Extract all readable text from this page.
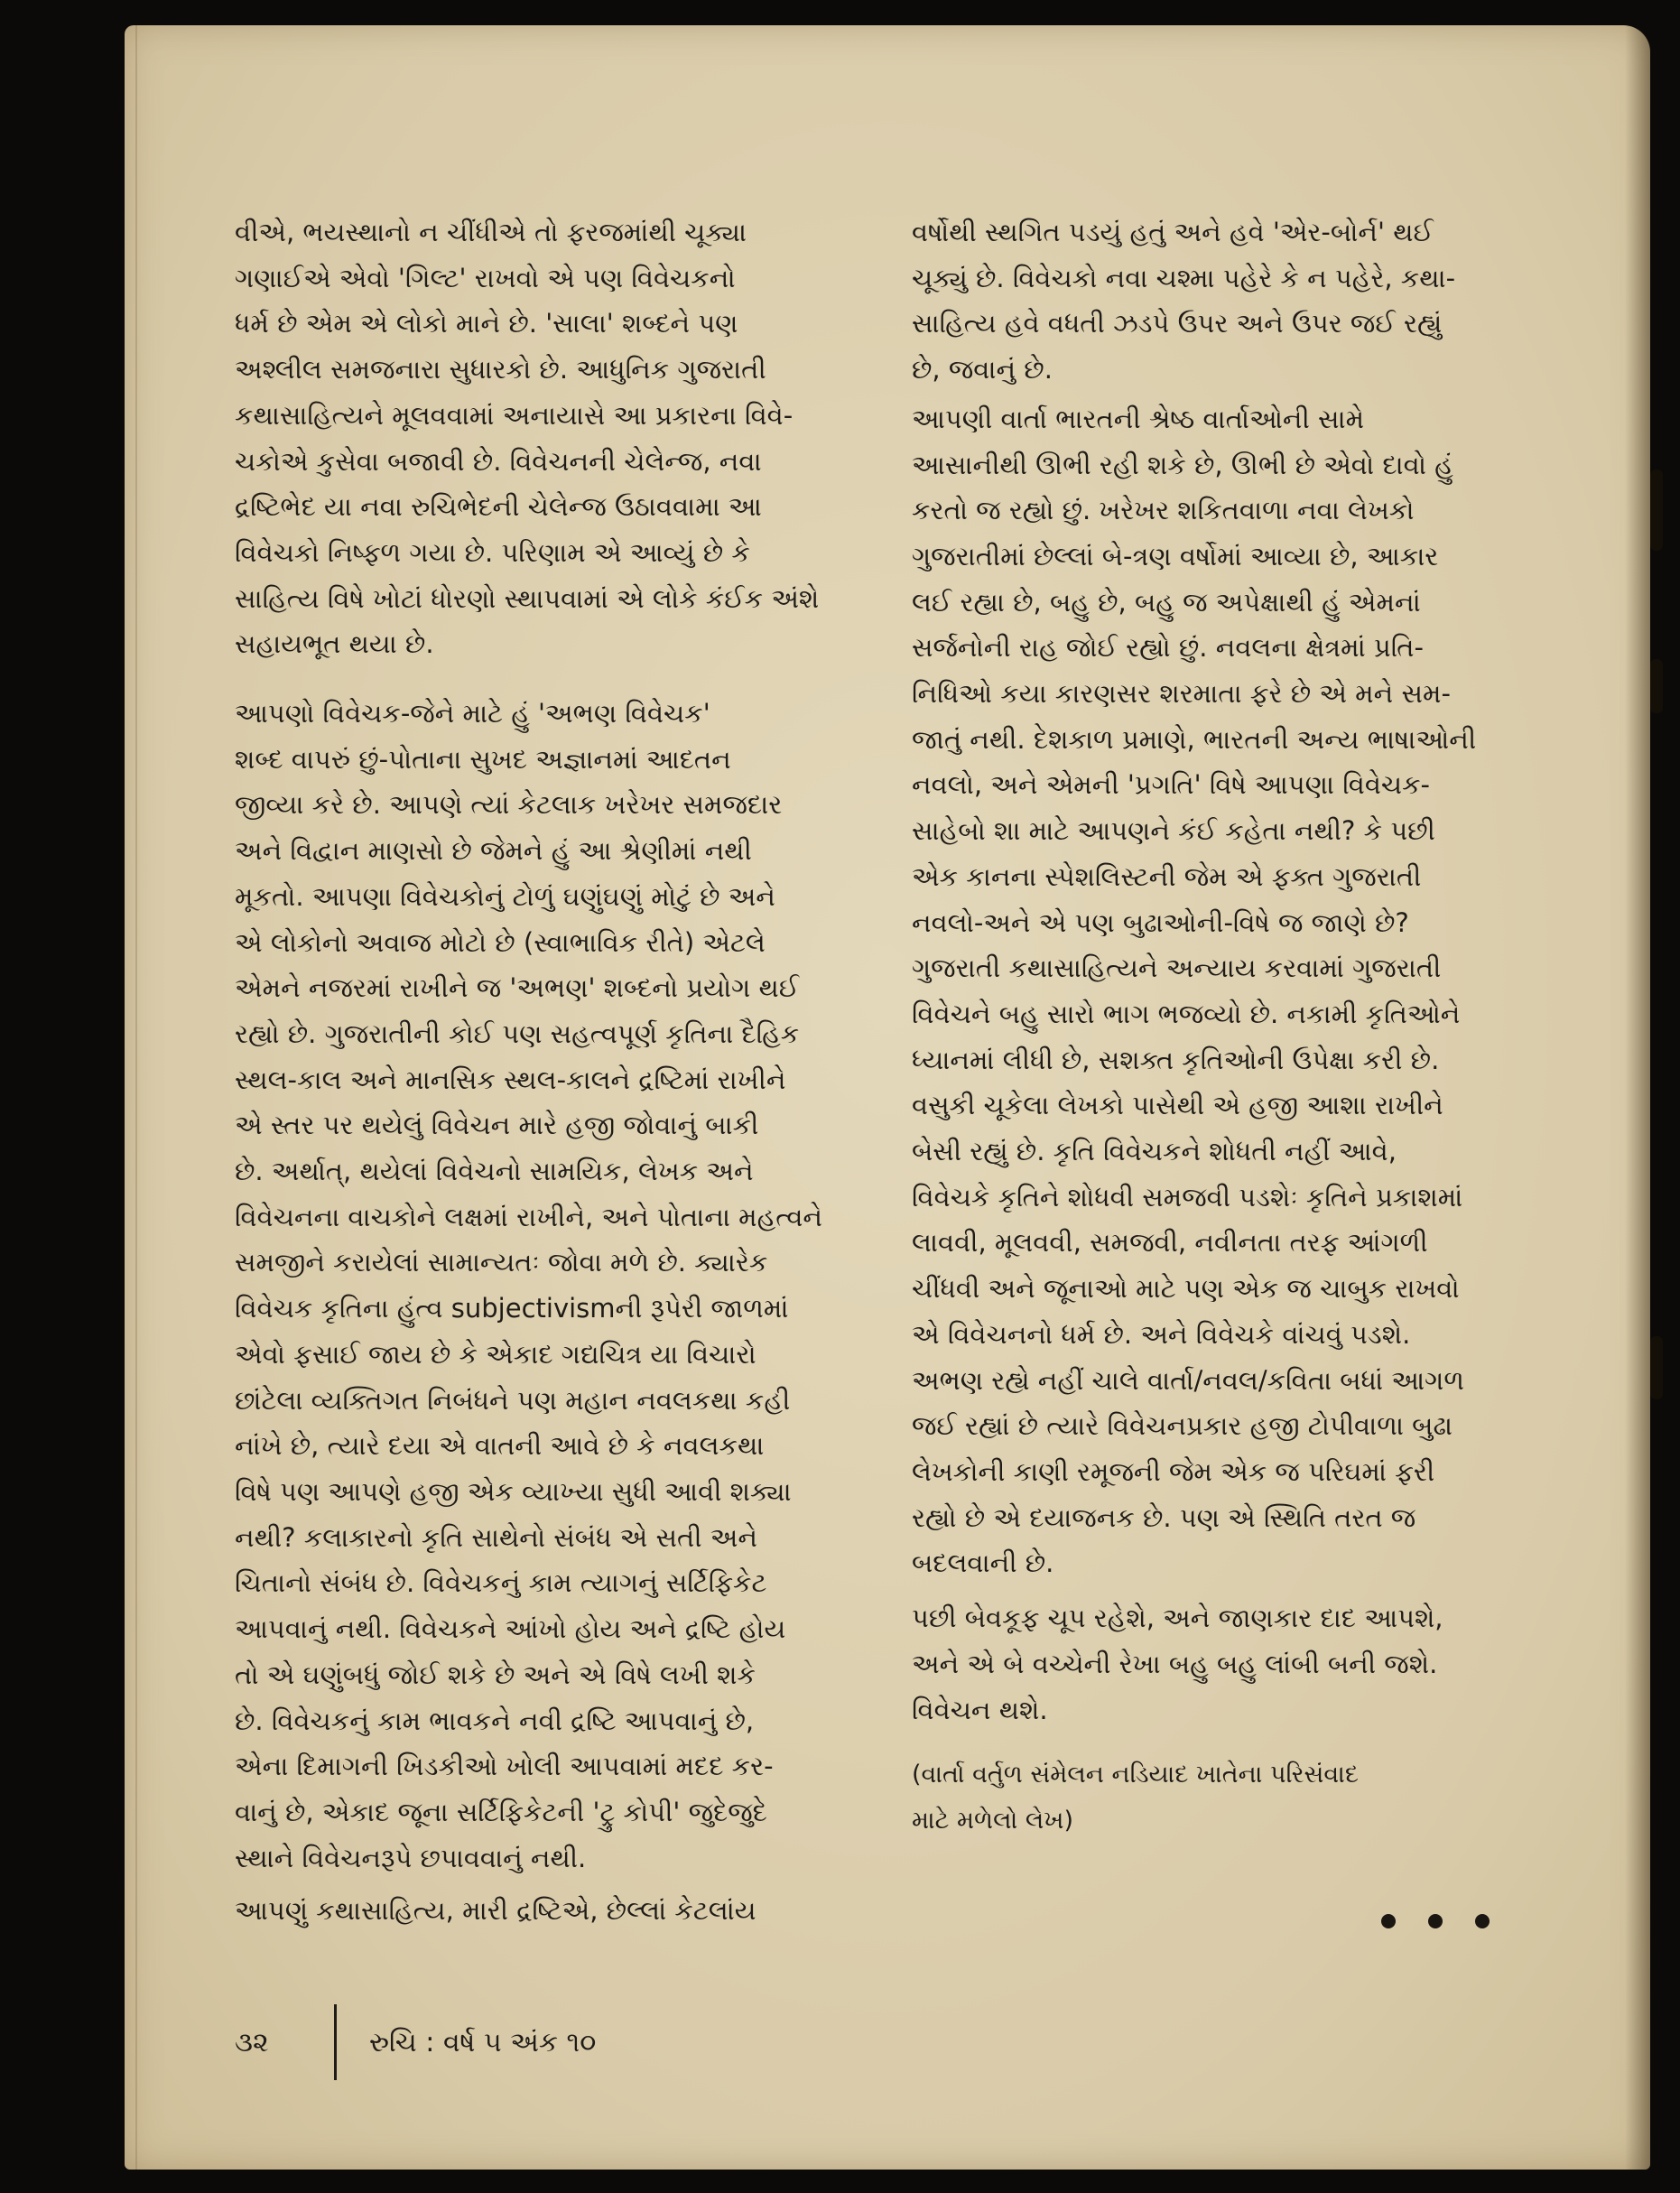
વીએ, ભયસ્થાનો ન ચીંધીએ તો ફરજમાંથી ચૂક્યા
ગણાઈએ એવો 'ગિલ્ટ' રાખવો એ પણ વિવેચકનો
ધર્મ છે એમ એ લોકો માને છે. 'સાલા' શબ્દને પણ
અશ્લીલ સમજનારા સુધારકો છે. આધુનિક ગુજરાતી
કથાસાહિત્યને મૂલવવામાં અનાયાસે આ પ્રકારના વિવે-
ચકોએ કુસેવા બજાવી છે. વિવેચનની ચેલેન્જ, નવા
દ્રષ્ટિભેદ યા નવા રુચિભેદની ચેલેન્જ ઉઠાવવામા આ
વિવેચકો નિષ્ફળ ગયા છે. પરિણામ એ આવ્યું છે કે
સાહિત્ય વિષે ખોટાં ધોરણો સ્થાપવામાં એ લોકે કંઈક અંશે
સહાયભૂત થયા છે.

આપણો વિવેચક-જેને માટે હું 'અભણ વિવેચક'
શબ્દ વાપરું છું-પોતાના સુખદ અજ્ઞાનમાં આદતન
જીવ્યા કરે છે. આપણે ત્યાં કેટલાક ખરેખર સમજદાર
અને વિદ્વાન માણસો છે જેમને હું આ શ્રેણીમાં નથી
મૂકતો. આપણા વિવેચકોનું ટોળું ઘણુંઘણું મોટું છે અને
એ લોકોનો અવાજ મોટો છે (સ્વાભાવિક રીતે) એટલે
એમને નજરમાં રાખીને જ 'અભણ' શબ્દનો પ્રયોગ થઈ
રહ્યો છે. ગુજરાતીની કોઈ પણ સહત્વપૂર્ણ કૃતિના દૈહિક
સ્થલ-કાલ અને માનસિક સ્થલ-કાલને દ્રષ્ટિમાં રાખીને
એ સ્તર પર થયેલું વિવેચન મારે હજી જોવાનું બાકી
છે. અર્થાત્, થયેલાં વિવેચનો સામયિક, લેખક અને
વિવેચનના વાચકોને લક્ષમાં રાખીને, અને પોતાના મહત્વને
સમજીને કરાયેલાં સામાન્યતઃ જોવા મળે છે. ક્યારેક
વિવેચક કૃતિના હુંત્વ subjectivismની રૂપેરી જાળમાં
એવો ફસાઈ જાય છે કે એકાદ ગદ્યચિત્ર યા વિચારો
છાંટેલા વ્યક્તિગત નિબંધને પણ મહાન નવલકથા કહી
નાંખે છે, ત્યારે દયા એ વાતની આવે છે કે નવલકથા
વિષે પણ આપણે હજી એક વ્યાખ્યા સુધી આવી શક્યા
નથી? કલાકારનો કૃતિ સાથેનો સંબંધ એ સતી અને
ચિતાનો સંબંધ છે. વિવેચકનું કામ ત્યાગનું સર્ટિફિકેટ
આપવાનું નથી. વિવેચકને આંખો હોય અને દ્રષ્ટિ હોય
તો એ ઘણુંબધું જોઈ શકે છે અને એ વિષે લખી શકે
છે. વિવેચકનું કામ ભાવકને નવી દ્રષ્ટિ આપવાનું છે,
એના દિમાગની ખિડકીઓ ખોલી આપવામાં મદદ કર-
વાનું છે, એકાદ જૂના સર્ટિફિકેટની 'ટ્રુ કોપી' જુદેજુદે
સ્થાને વિવેચનરૂપે છપાવવાનું નથી.

આપણું કથાસાહિત્ય, મારી દ્રષ્ટિએ, છેલ્લાં કેટલાંય

વર્ષોથી સ્થગિત પડયું હતું અને હવે 'એર-બોર્ન' થઈ
ચૂક્યું છે. વિવેચકો નવા ચશ્મા પહેરે કે ન પહેરે, કથા-
સાહિત્ય હવે વધતી ઝડપે ઉપર અને ઉપર જઈ રહ્યું
છે, જવાનું છે.

આપણી વાર્તા ભારતની શ્રેષ્ઠ વાર્તાઓની સામે
આસાનીથી ઊભી રહી શકે છે, ઊભી છે એવો દાવો હું
કરતો જ રહ્યો છું. ખરેખર શકિતવાળા નવા લેખકો
ગુજરાતીમાં છેલ્લાં બે-ત્રણ વર્ષોમાં આવ્યા છે, આકાર
લઈ રહ્યા છે, બહુ છે, બહુ જ અપેક્ષાથી હું એમનાં
સર્જનોની રાહ જોઈ રહ્યો છું. નવલના ક્ષેત્રમાં પ્રતિ-
નિધિઓ કયા કારણસર શરમાતા ફરે છે એ મને સમ-
જાતું નથી. દેશકાળ પ્રમાણે, ભારતની અન્ય ભાષાઓની
નવલો, અને એમની 'પ્રગતિ' વિષે આપણા વિવેચક-
સાહેબો શા માટે આપણને કંઈ કહેતા નથી? કે પછી
એક કાનના સ્પેશલિસ્ટની જેમ એ ફક્ત ગુજરાતી
નવલો-અને એ પણ બુઢાઓની-વિષે જ જાણે છે?

ગુજરાતી કથાસાહિત્યને અન્યાય કરવામાં ગુજરાતી
વિવેચને બહુ સારો ભાગ ભજવ્યો છે. નકામી કૃતિઓને
ધ્યાનમાં લીધી છે, સશક્ત કૃતિઓની ઉપેક્ષા કરી છે.
વસુકી ચૂકેલા લેખકો પાસેથી એ હજી આશા રાખીને
બેસી રહ્યું છે. કૃતિ વિવેચકને શોધતી નહીં આવે,
વિવેચકે કૃતિને શોધવી સમજવી પડશેઃ કૃતિને પ્રકાશમાં
લાવવી, મૂલવવી, સમજવી, નવીનતા તરફ આંગળી
ચીંધવી અને જૂનાઓ માટે પણ એક જ ચાબુક રાખવો
એ વિવેચનનો ધર્મ છે. અને વિવેચકે વાંચવું પડશે.
અભણ રહ્યે નહીં ચાલે વાર્તા/નવલ/કવિતા બધાં આગળ
જઈ રહ્યાં છે ત્યારે વિવેચનપ્રકાર હજી ટોપીવાળા બુઢા
લેખકોની કાણી રમૂજની જેમ એક જ પરિઘમાં ફરી
રહ્યો છે એ દયાજનક છે. પણ એ સ્થિતિ તરત જ
બદલવાની છે.

પછી બેવકૂફ ચૂપ રહેશે, અને જાણકાર દાદ આપશે,
અને એ બે વચ્ચેની રેખા બહુ બહુ લાંબી બની જશે.
વિવેચન થશે.

(વાર્તા વર્તુળ સંમેલન નડિયાદ ખાતેના પરિસંવાદ
માટે મળેલો લેખ)

૩૨	રુચિ : વર્ષ ૫ અંક ૧૦
